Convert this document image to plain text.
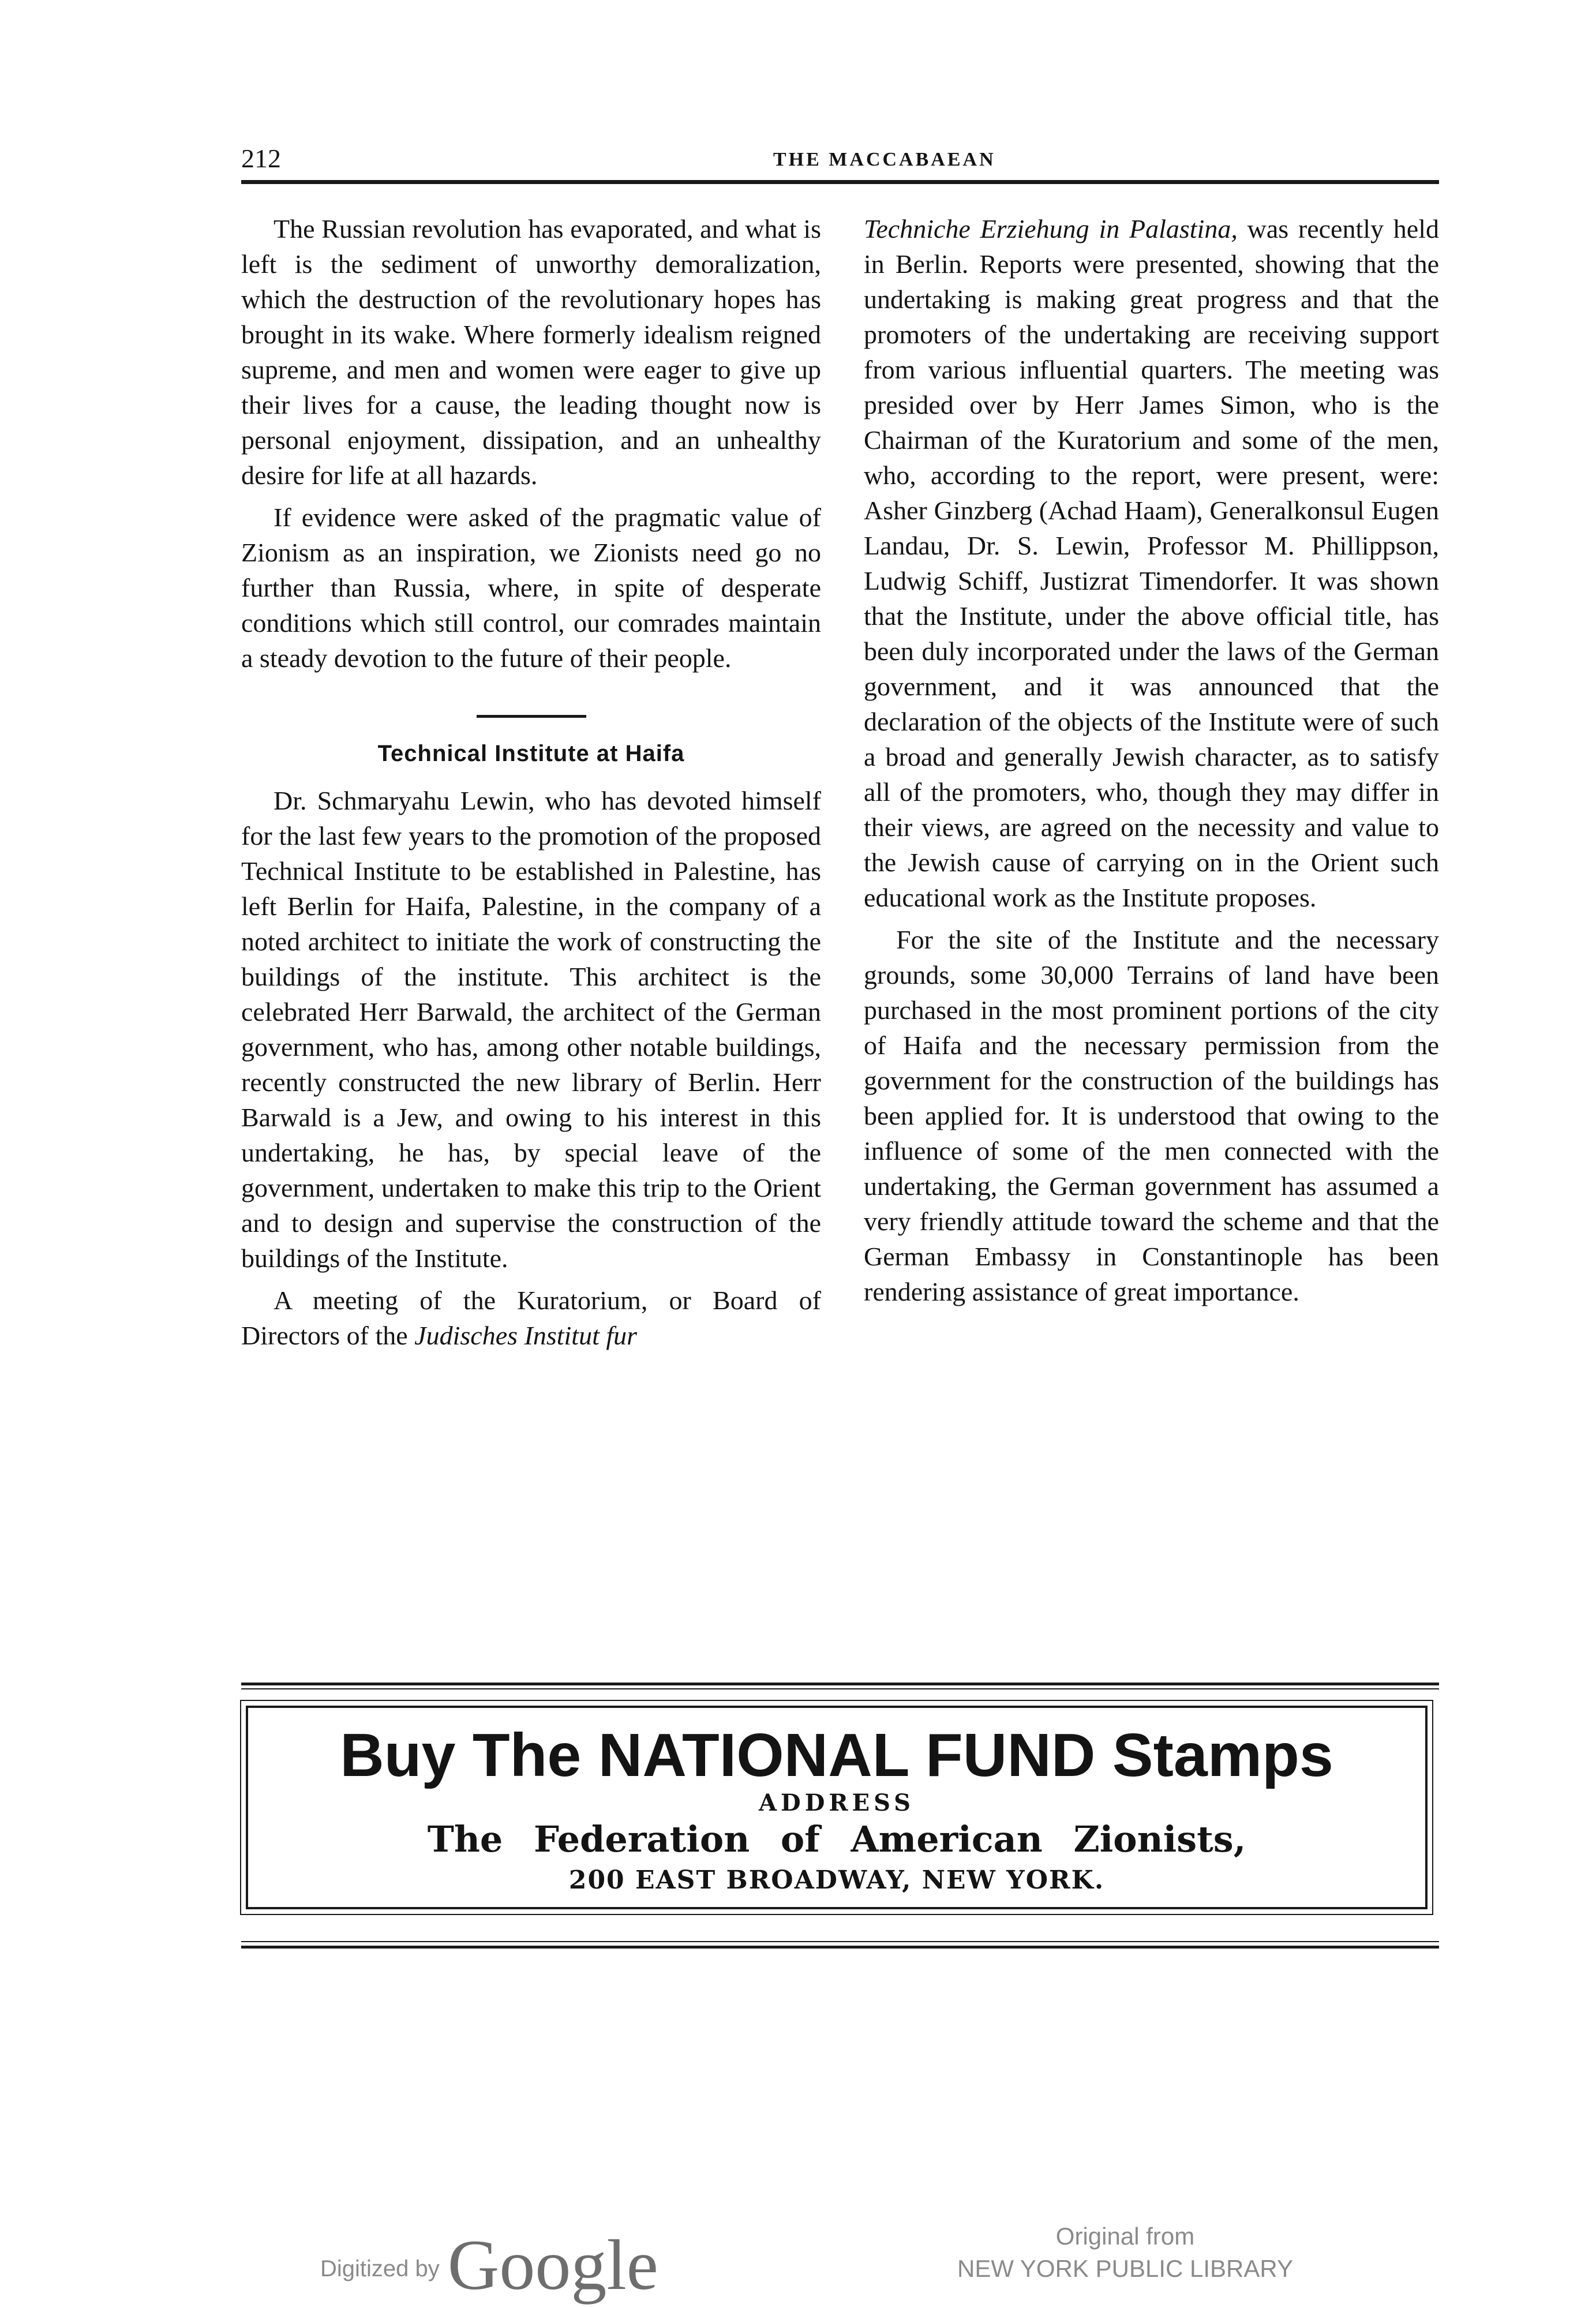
212	THE MACCABAEAN

The Russian revolution has evaporated, and what is left is the sediment of unworthy demoralization, which the destruction of the revolutionary hopes has brought in its wake. Where formerly idealism reigned supreme, and men and women were eager to give up their lives for a cause, the leading thought now is personal enjoyment, dissipation, and an unhealthy desire for life at all hazards.

If evidence were asked of the pragmatic value of Zionism as an inspiration, we Zionists need go no further than Russia, where, in spite of desperate conditions which still control, our comrades maintain a steady devotion to the future of their people.

Technical Institute at Haifa

Dr. Schmaryahu Lewin, who has devoted himself for the last few years to the promotion of the proposed Technical Institute to be established in Palestine, has left Berlin for Haifa, Palestine, in the company of a noted architect to initiate the work of constructing the buildings of the institute. This architect is the celebrated Herr Barwald, the architect of the German government, who has, among other notable buildings, recently constructed the new library of Berlin. Herr Barwald is a Jew, and owing to his interest in this undertaking, he has, by special leave of the government, undertaken to make this trip to the Orient and to design and supervise the construction of the buildings of the Institute.

A meeting of the Kuratorium, or Board of Directors of the Judisches Institut fur

Techniche Erziehung in Palastina, was recently held in Berlin. Reports were presented, showing that the undertaking is making great progress and that the promoters of the undertaking are receiving support from various influential quarters. The meeting was presided over by Herr James Simon, who is the Chairman of the Kuratorium and some of the men, who, according to the report, were present, were: Asher Ginzberg (Achad Haam), Generalkonsul Eugen Landau, Dr. S. Lewin, Professor M. Phillippson, Ludwig Schiff, Justizrat Timendorfer. It was shown that the Institute, under the above official title, has been duly incorporated under the laws of the German government, and it was announced that the declaration of the objects of the Institute were of such a broad and generally Jewish character, as to satisfy all of the promoters, who, though they may differ in their views, are agreed on the necessity and value to the Jewish cause of carrying on in the Orient such educational work as the Institute proposes.

For the site of the Institute and the necessary grounds, some 30,000 Terrains of land have been purchased in the most prominent portions of the city of Haifa and the necessary permission from the government for the construction of the buildings has been applied for. It is understood that owing to the influence of some of the men connected with the undertaking, the German government has assumed a very friendly attitude toward the scheme and that the German Embassy in Constantinople has been rendering assistance of great importance.

Buy The NATIONAL FUND Stamps
ADDRESS
The Federation of American Zionists,
200 EAST BROADWAY, NEW YORK.
Digitized by Google	Original from
NEW YORK PUBLIC LIBRARY
